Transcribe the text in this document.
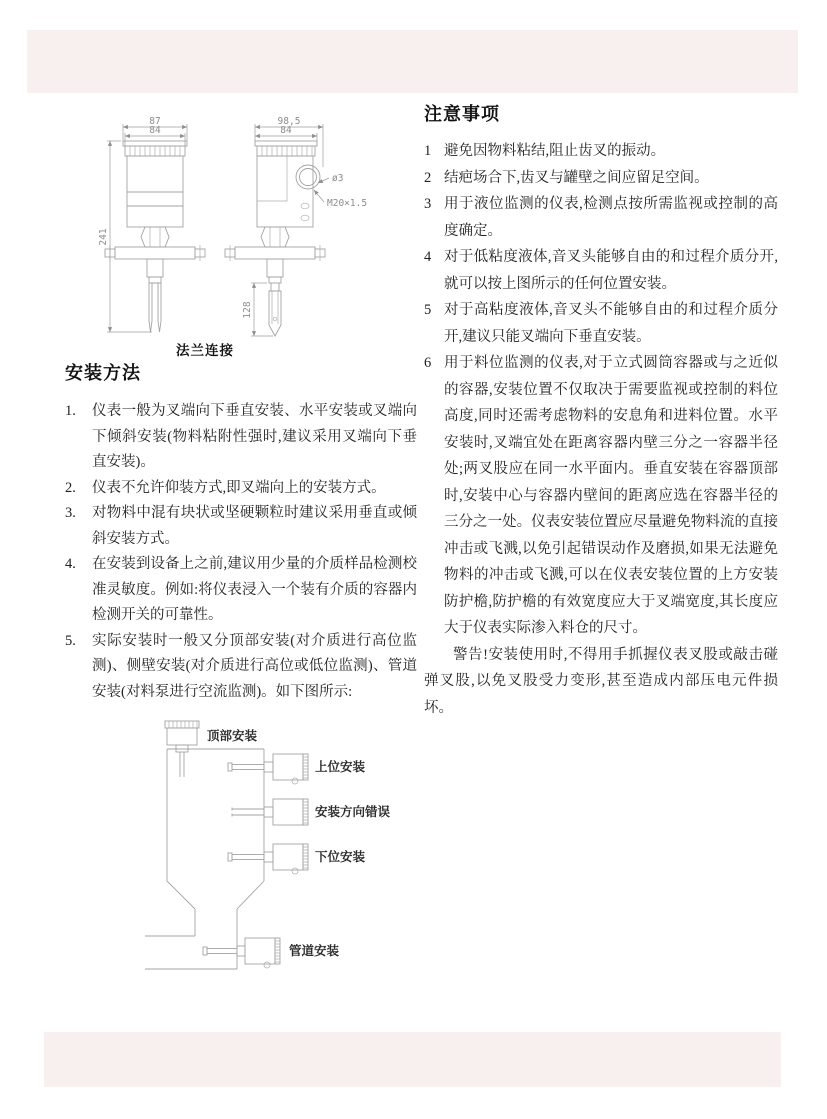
87
84
241
98,5
84
ø3
M20×1.5
128
法兰连接
安装方法
1.	仪表一般为叉端向下垂直安装、水平安装或叉端向下倾斜安装(物料粘附性强时,建议采用叉端向下垂直安装)。
2.	仪表不允许仰装方式,即叉端向上的安装方式。
3.	对物料中混有块状或坚硬颗粒时建议采用垂直或倾斜安装方式。
4.	在安装到设备上之前,建议用少量的介质样品检测校准灵敏度。例如:将仪表浸入一个装有介质的容器内检测开关的可靠性。
5.	实际安装时一般又分顶部安装(对介质进行高位监测)、侧壁安装(对介质进行高位或低位监测)、管道安装(对料泵进行空流监测)。如下图所示:
顶部安装
上位安装
安装方向错误
下位安装
管道安装
注意事项
1 避免因物料粘结,阻止齿叉的振动。
2 结疤场合下,齿叉与罐壁之间应留足空间。
3 用于液位监测的仪表,检测点按所需监视或控制的高度确定。
4 对于低粘度液体,音叉头能够自由的和过程介质分开,就可以按上图所示的任何位置安装。
5 对于高粘度液体,音叉头不能够自由的和过程介质分开,建议只能叉端向下垂直安装。
6 用于料位监测的仪表,对于立式圆筒容器或与之近似的容器,安装位置不仅取决于需要监视或控制的料位高度,同时还需考虑物料的安息角和进料位置。水平安装时,叉端宜处在距离容器内壁三分之一容器半径处;两叉股应在同一水平面内。垂直安装在容器顶部时,安装中心与容器内壁间的距离应选在容器半径的三分之一处。仪表安装位置应尽量避免物料流的直接冲击或飞溅,以免引起错误动作及磨损,如果无法避免物料的冲击或飞溅,可以在仪表安装位置的上方安装防护檐,防护檐的有效宽度应大于叉端宽度,其长度应大于仪表实际渗入料仓的尺寸。

警告!安装使用时,不得用手抓握仪表叉股或敲击碰弹叉股,以免叉股受力变形,甚至造成内部压电元件损坏。
